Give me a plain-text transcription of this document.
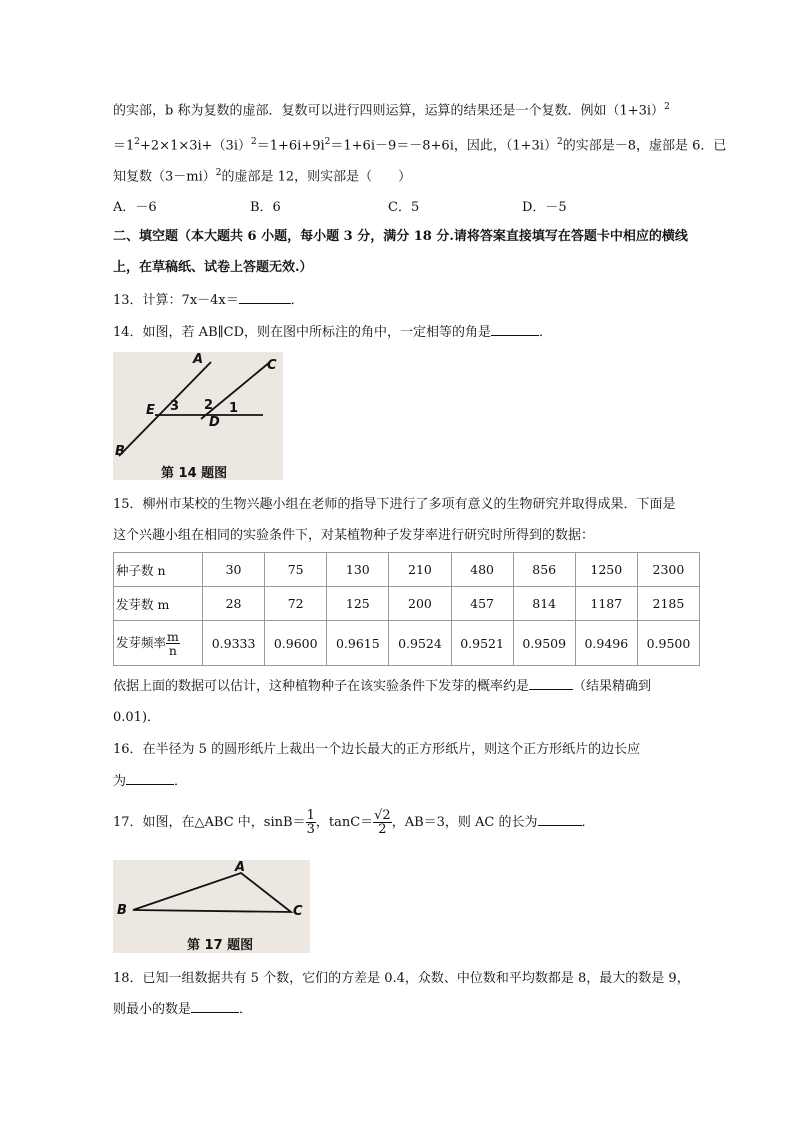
的实部，b 称为复数的虚部．复数可以进行四则运算，运算的结果还是一个复数．例如$(1+3i)^2$
$=1^2+2\times 1\times 3i+(3i)^2=1+6i+9i^2=1+6i-9=-8+6i$，因此，$(1+3i)^2$的实部是－8，虚部是 6．已
知复数$(3-mi)^2$的虚部是 12，则实部是（　　）
A．－6	B．6	C．5	D．－5
二、填空题（本大题共 6 小题，每小题 3 分，满分 18 分.请将答案直接填写在答题卡中相应的横线
上，在草稿纸、试卷上答题无效.）
13．计算：7x－4x＝	．
14．如图，若 AB∥CD，则在图中所标注的角中，一定相等的角是	．
A
B
C
D
E	1
2
3
第 14 题图
15．柳州市某校的生物兴趣小组在老师的指导下进行了多项有意义的生物研究并取得成果．下面是
这个兴趣小组在相同的实验条件下，对某植物种子发芽率进行研究时所得到的数据：
种子数 n	30	75	130	210	480	856	1250	2300
发芽数 m	28	72	125	200	457	814	1187	2185
发芽频率 $\frac{m}{n}$	0.9333	0.9600	0.9615	0.9524	0.9521	0.9509	0.9496	0.9500
依据上面的数据可以估计，这种植物种子在该实验条件下发芽的概率约是	（结果精确到
0.01)．
16．在半径为 5 的圆形纸片上裁出一个边长最大的正方形纸片，则这个正方形纸片的边长应
为	．
17．如图，在△ABC 中，$\sin B= \frac{1}{3}$ ，$\tan C= \frac{√2}{2}$ ，AB＝3，则 AC 的长为	．
A
B	C
第 17 题图
18．已知一组数据共有 5 个数，它们的方差是 0.4，众数、中位数和平均数都是 8，最大的数是 9，
则最小的数是	．
